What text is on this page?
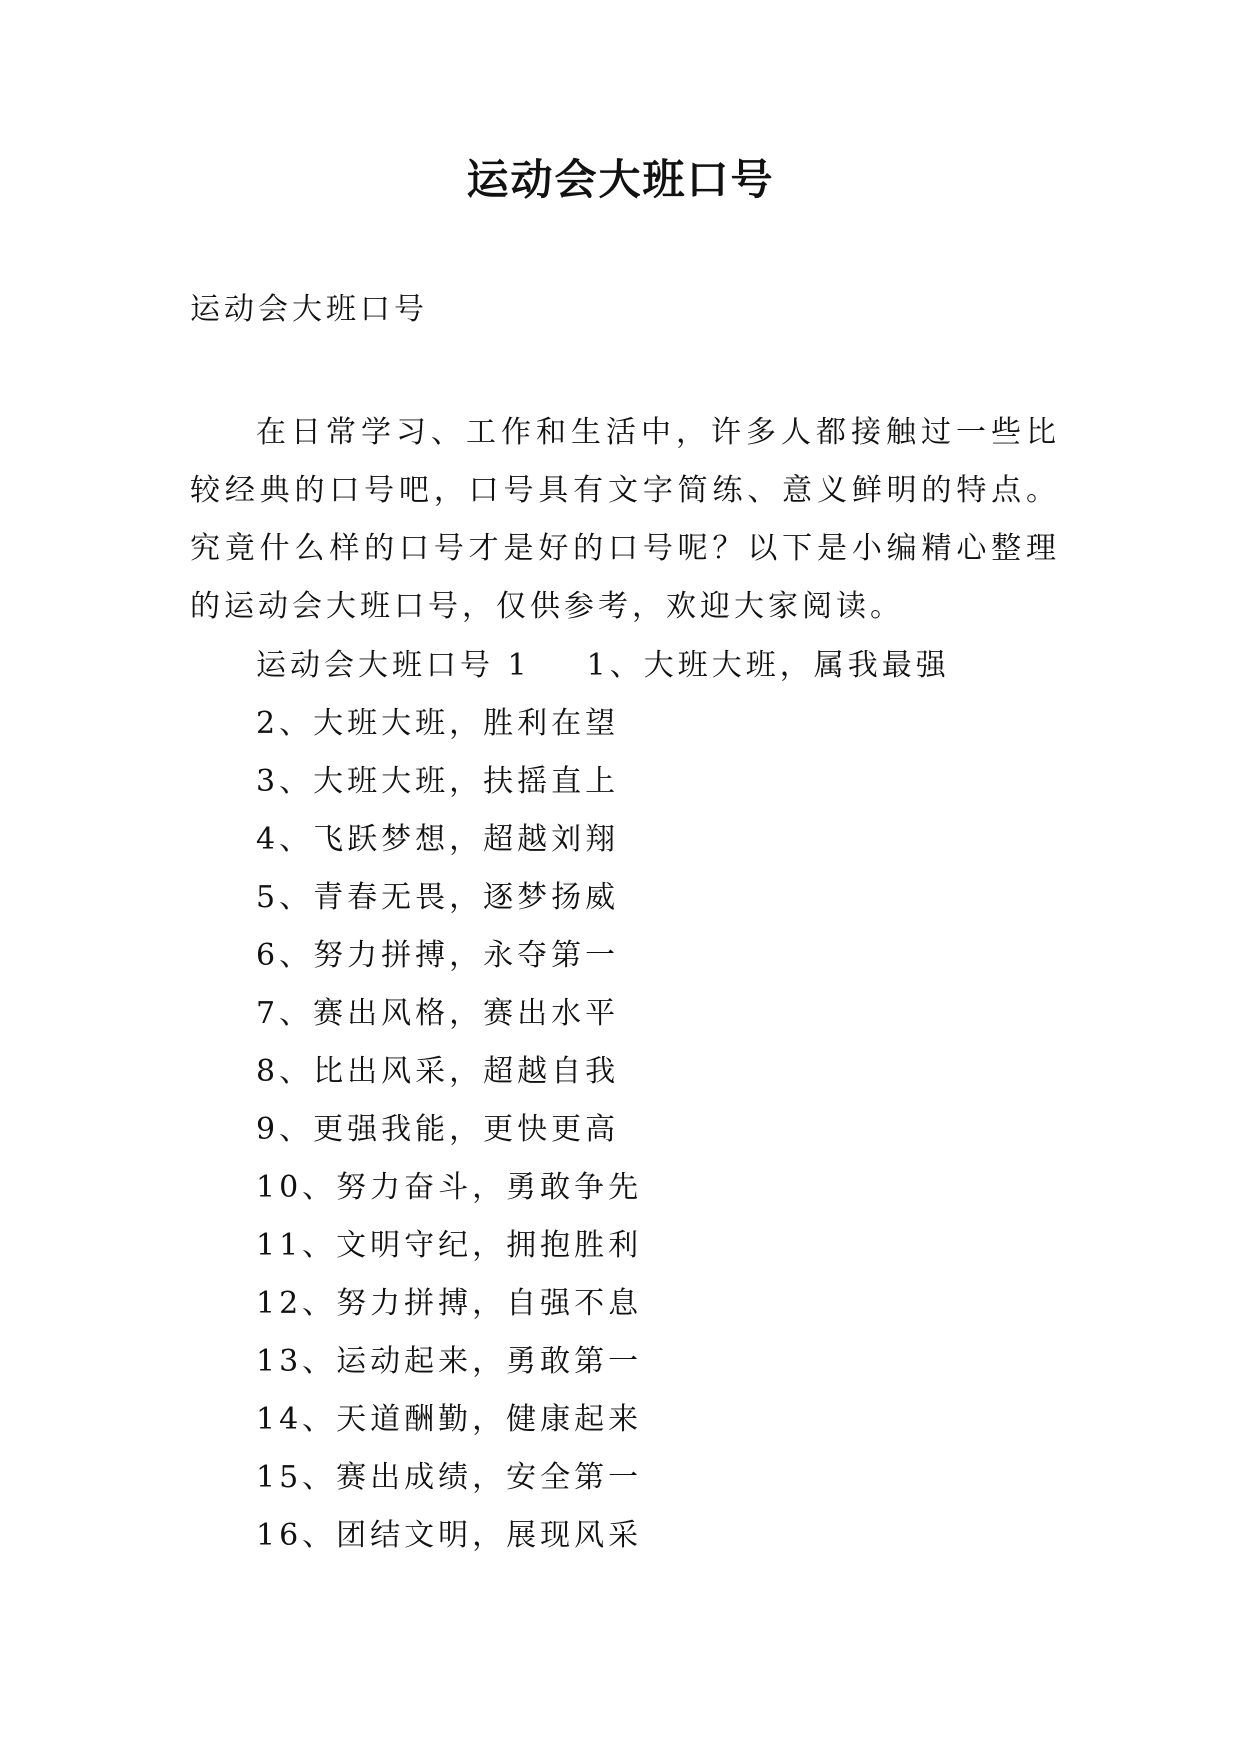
运动会大班口号
运动会大班口号

在日常学习、工作和生活中，许多人都接触过一些比较经典的口号吧，口号具有文字简练、意义鲜明的特点。究竟什么样的口号才是好的口号呢？以下是小编精心整理的运动会大班口号，仅供参考，欢迎大家阅读。

运动会大班口号 1 1、大班大班，属我最强
2、大班大班，胜利在望
3、大班大班，扶摇直上
4、飞跃梦想，超越刘翔
5、青春无畏，逐梦扬威
6、努力拼搏，永夺第一
7、赛出风格，赛出水平
8、比出风采，超越自我
9、更强我能，更快更高
10、努力奋斗，勇敢争先
11、文明守纪，拥抱胜利
12、努力拼搏，自强不息
13、运动起来，勇敢第一
14、天道酬勤，健康起来
15、赛出成绩，安全第一
16、团结文明，展现风采
